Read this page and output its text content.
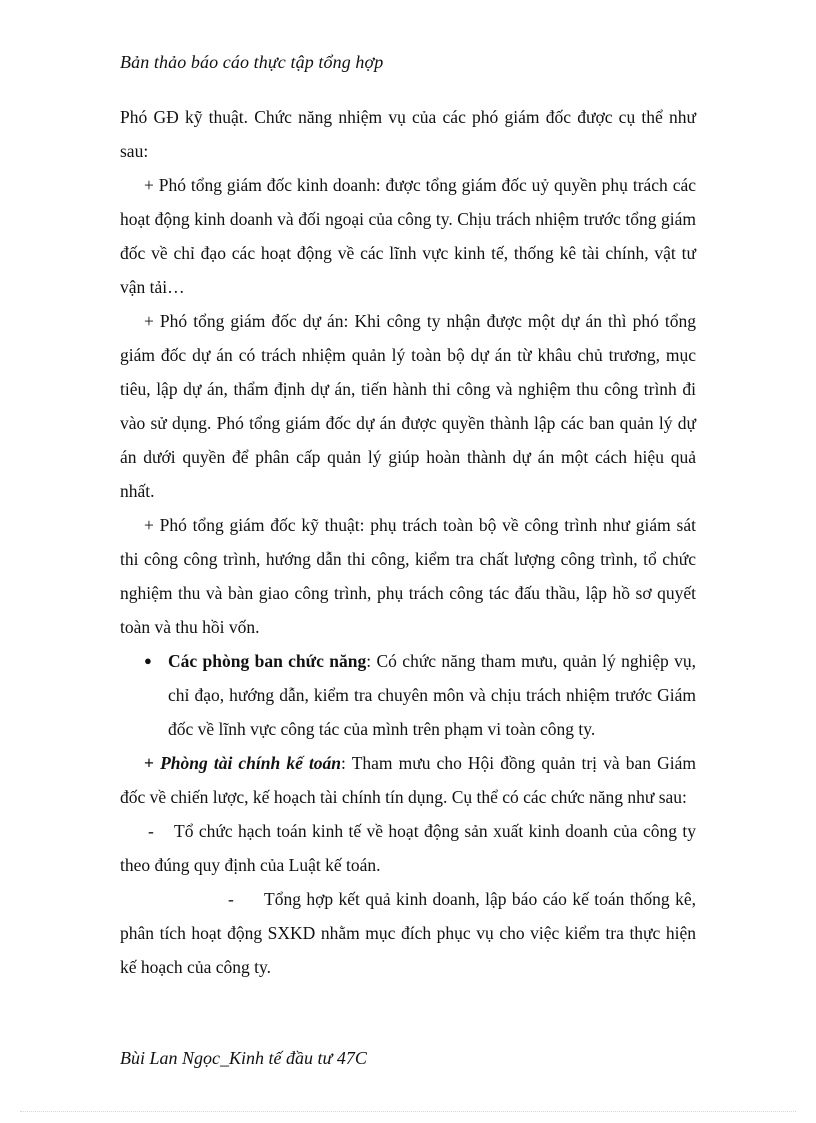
Bản thảo báo cáo thực tập tổng hợp

Phó GĐ kỹ thuật. Chức năng nhiệm vụ của các phó giám đốc được cụ thể như sau:

+ Phó tổng giám đốc kinh doanh: được tổng giám đốc uỷ quyền phụ trách các hoạt động kinh doanh và đối ngoại của công ty. Chịu trách nhiệm trước tổng giám đốc về chỉ đạo các hoạt động về các lĩnh vực kinh tế, thống kê tài chính, vật tư vận tải…

+ Phó tổng giám đốc dự án: Khi công ty nhận được một dự án thì phó tổng giám đốc dự án có trách nhiệm quản lý toàn bộ dự án từ khâu chủ trương, mục tiêu, lập dự án, thẩm định dự án, tiến hành thi công và nghiệm thu công trình đi vào sử dụng. Phó tổng giám đốc dự án được quyền thành lập các ban quản lý dự án dưới quyền để phân cấp quản lý giúp hoàn thành dự án một cách hiệu quả nhất.

+ Phó tổng giám đốc kỹ thuật: phụ trách toàn bộ về công trình như giám sát thi công công trình, hướng dẫn thi công, kiểm tra chất lượng công trình, tổ chức nghiệm thu và bàn giao công trình, phụ trách công tác đấu thầu, lập hồ sơ quyết toàn và thu hồi vốn.

● Các phòng ban chức năng: Có chức năng tham mưu, quản lý nghiệp vụ, chỉ đạo, hướng dẫn, kiểm tra chuyên môn và chịu trách nhiệm trước Giám đốc về lĩnh vực công tác của mình trên phạm vi toàn công ty.

+ Phòng tài chính kế toán: Tham mưu cho Hội đồng quản trị và ban Giám đốc về chiến lược, kế hoạch tài chính tín dụng. Cụ thể có các chức năng như sau:

- Tổ chức hạch toán kinh tế về hoạt động sản xuất kinh doanh của công ty theo đúng quy định của Luật kế toán.

- Tổng hợp kết quả kinh doanh, lập báo cáo kế toán thống kê, phân tích hoạt động SXKD nhằm mục đích phục vụ cho việc kiểm tra thực hiện kế hoạch của công ty.

Bùi Lan Ngọc_Kinh tế đầu tư 47C
